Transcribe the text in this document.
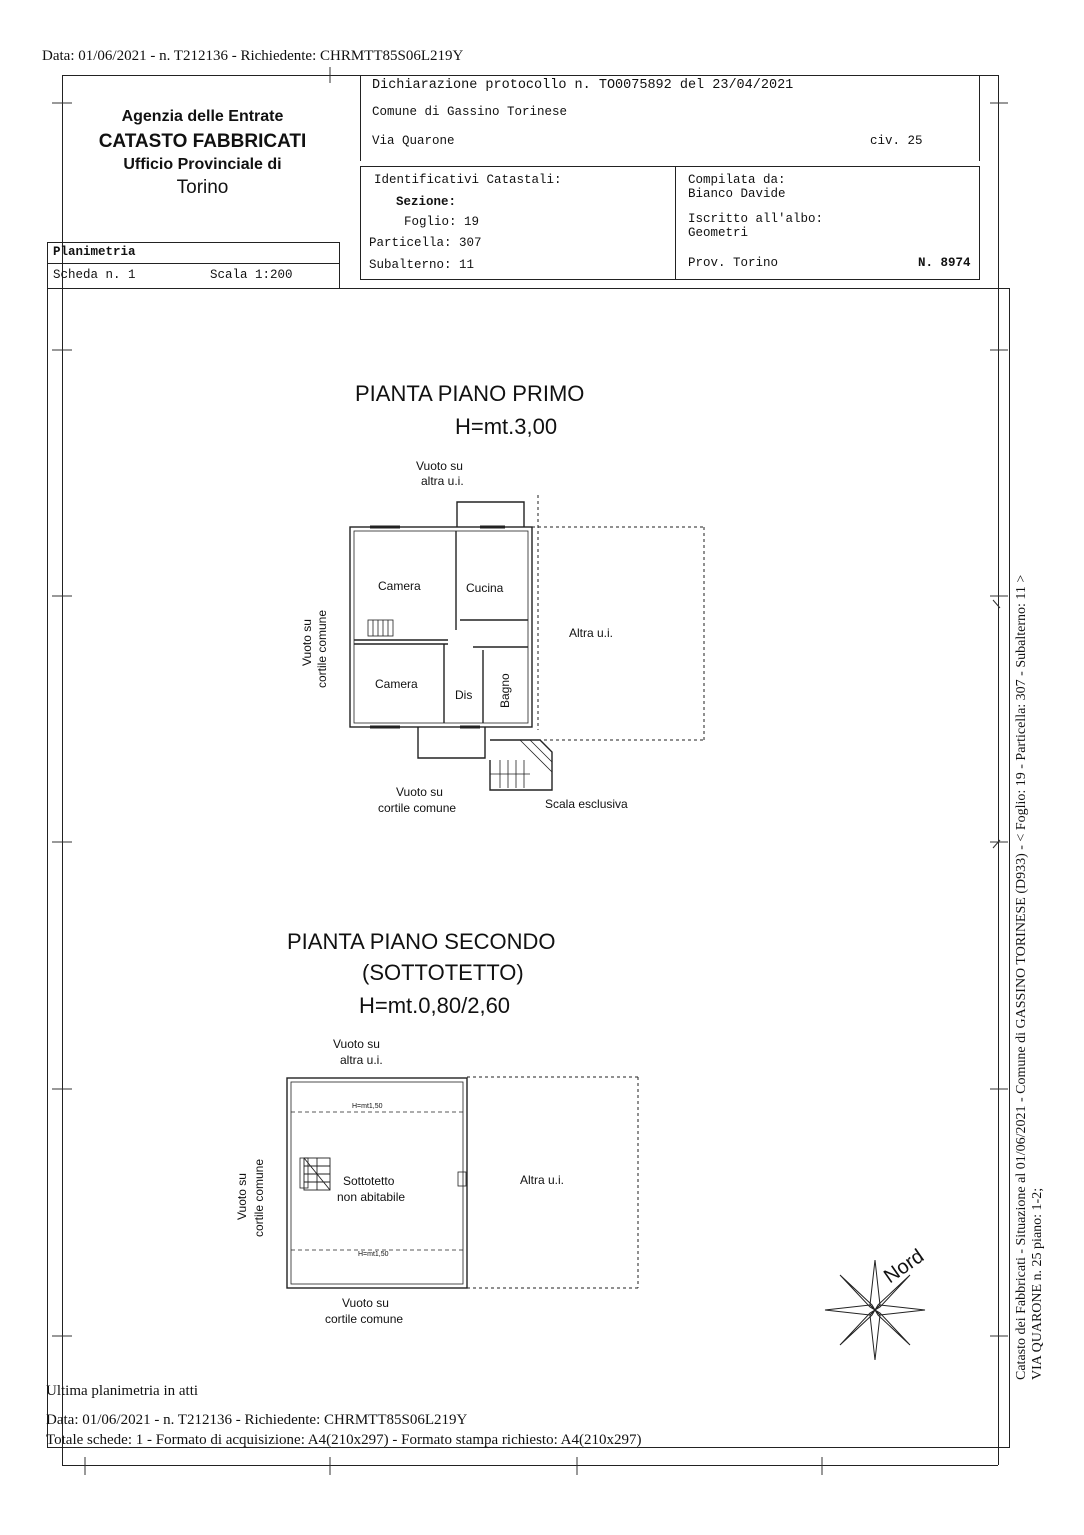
Data: 01/06/2021 - n. T212136 - Richiedente: CHRMTT85S06L219Y
Agenzia delle Entrate
CATASTO FABBRICATI
Ufficio Provinciale di
Torino
Dichiarazione protocollo n. TO0075892 del 23/04/2021
Comune di Gassino Torinese
Via Quarone	civ. 25
Identificativi Catastali:
Sezione:
Foglio: 19
Particella: 307
Subalterno: 11
Compilata da:
Bianco Davide
Iscritto all'albo:
Geometri
Prov. Torino	N. 8974
Planimetria
Scheda n. 1	Scala 1:200
PIANTA PIANO PRIMO
H=mt.3,00
Vuoto su
altra u.i.
Camera	Cucina
Camera
Dis Bagno
Altra u.i.
Vuoto su cortile comune
Vuoto su
cortile comune	Scala esclusiva
PIANTA PIANO SECONDO
(SOTTOTETTO)
H=mt.0,80/2,60
Vuoto su
altra u.i.
H=mt1,50
H=mt1,50
Sottotetto
non abitabile
Altra u.i.
Vuoto su cortile comune
Vuoto su
cortile comune
Nord
Ultima planimetria in atti
Data: 01/06/2021 - n. T212136 - Richiedente: CHRMTT85S06L219Y
Totale schede: 1 - Formato di acquisizione: A4(210x297) - Formato stampa richiesto: A4(210x297)
Catasto dei Fabbricati - Situazione al 01/06/2021 - Comune di GASSINO TORINESE (D933) - < Foglio: 19 - Particella: 307 - Subalterno: 11 > VIA QUARONE n. 25 piano: 1-2;
